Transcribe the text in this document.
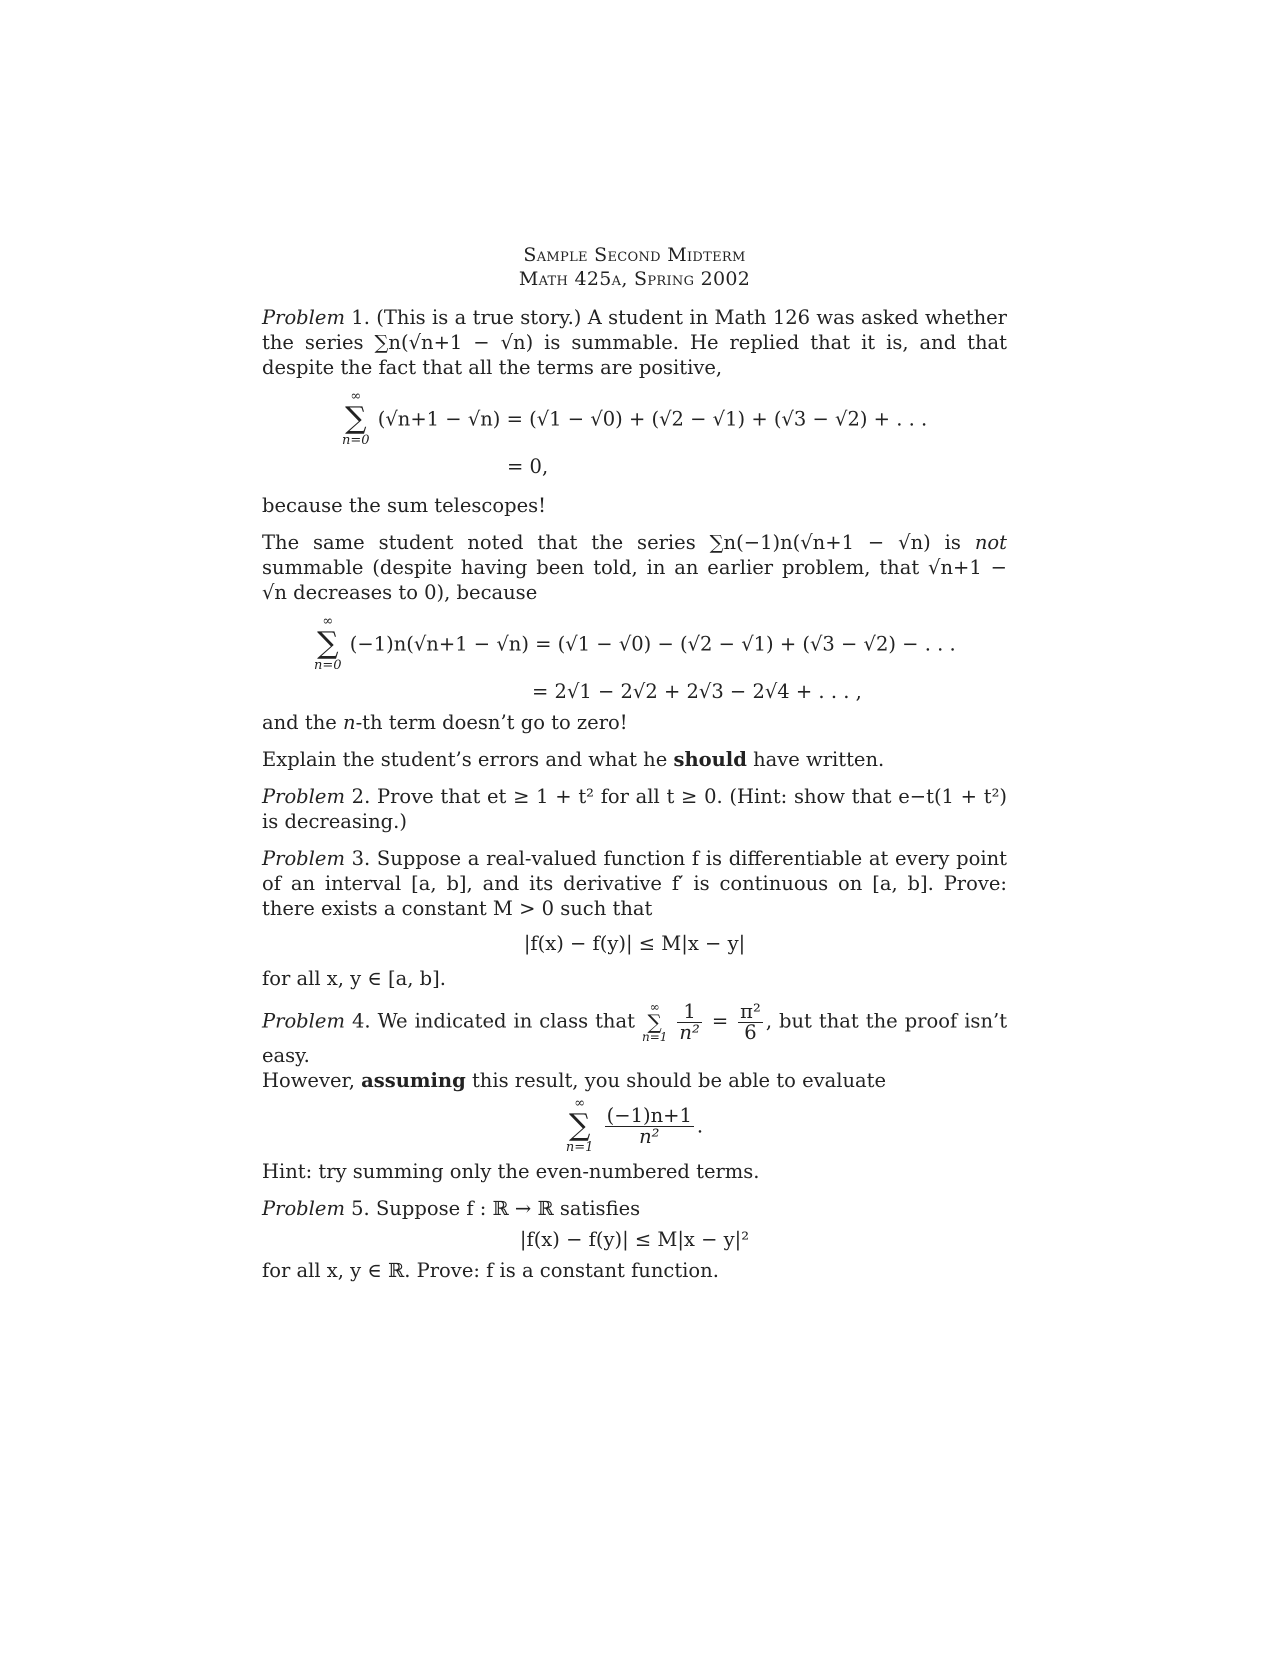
Sample Second Midterm
Math 425a, Spring 2002

Problem 1. (This is a true story.) A student in Math 126 was asked whether the series ∑n(√n+1 − √n) is summable. He replied that it is, and that despite the fact that all the terms are positive,

∞
∑
n=0
(√n+1 − √n) = (√1 − √0) + (√2 − √1) + (√3 − √2) + . . .
= 0,

because the sum telescopes!

The same student noted that the series ∑n(−1)n(√n+1 − √n) is not summable (despite having been told, in an earlier problem, that √n+1 − √n decreases to 0), because

∞
∑
n=0
(−1)n(√n+1 − √n) = (√1 − √0) − (√2 − √1) + (√3 − √2) − . . .
= 2√1 − 2√2 + 2√3 − 2√4 + . . . ,

and the n-th term doesn’t go to zero!

Explain the student’s errors and what he should have written.

Problem 2. Prove that et ≥ 1 + t² for all t ≥ 0. (Hint: show that e−t(1 + t²) is decreasing.)

Problem 3. Suppose a real-valued function f is differentiable at every point of an interval [a, b], and its derivative f′ is continuous on [a, b]. Prove: there exists a constant M > 0 such that

|f(x) − f(y)| ≤ M|x − y|

for all x, y ∈ [a, b].

Problem 4. We indicated in class that ∞
∑
$n=1 \frac{1}{\text{n²}} = \frac{\text{π²}}{6}$ , but that the proof isn’t easy.

However, assuming this result, you should be able to evaluate

∞
∑
n=1

$\frac{(-1)n+1}{\text{n²}}$ .

Hint: try summing only the even-numbered terms.

Problem 5. Suppose f : ℝ → ℝ satisfies

|f(x) − f(y)| ≤ M|x − y|²

for all x, y ∈ ℝ. Prove: f is a constant function.
